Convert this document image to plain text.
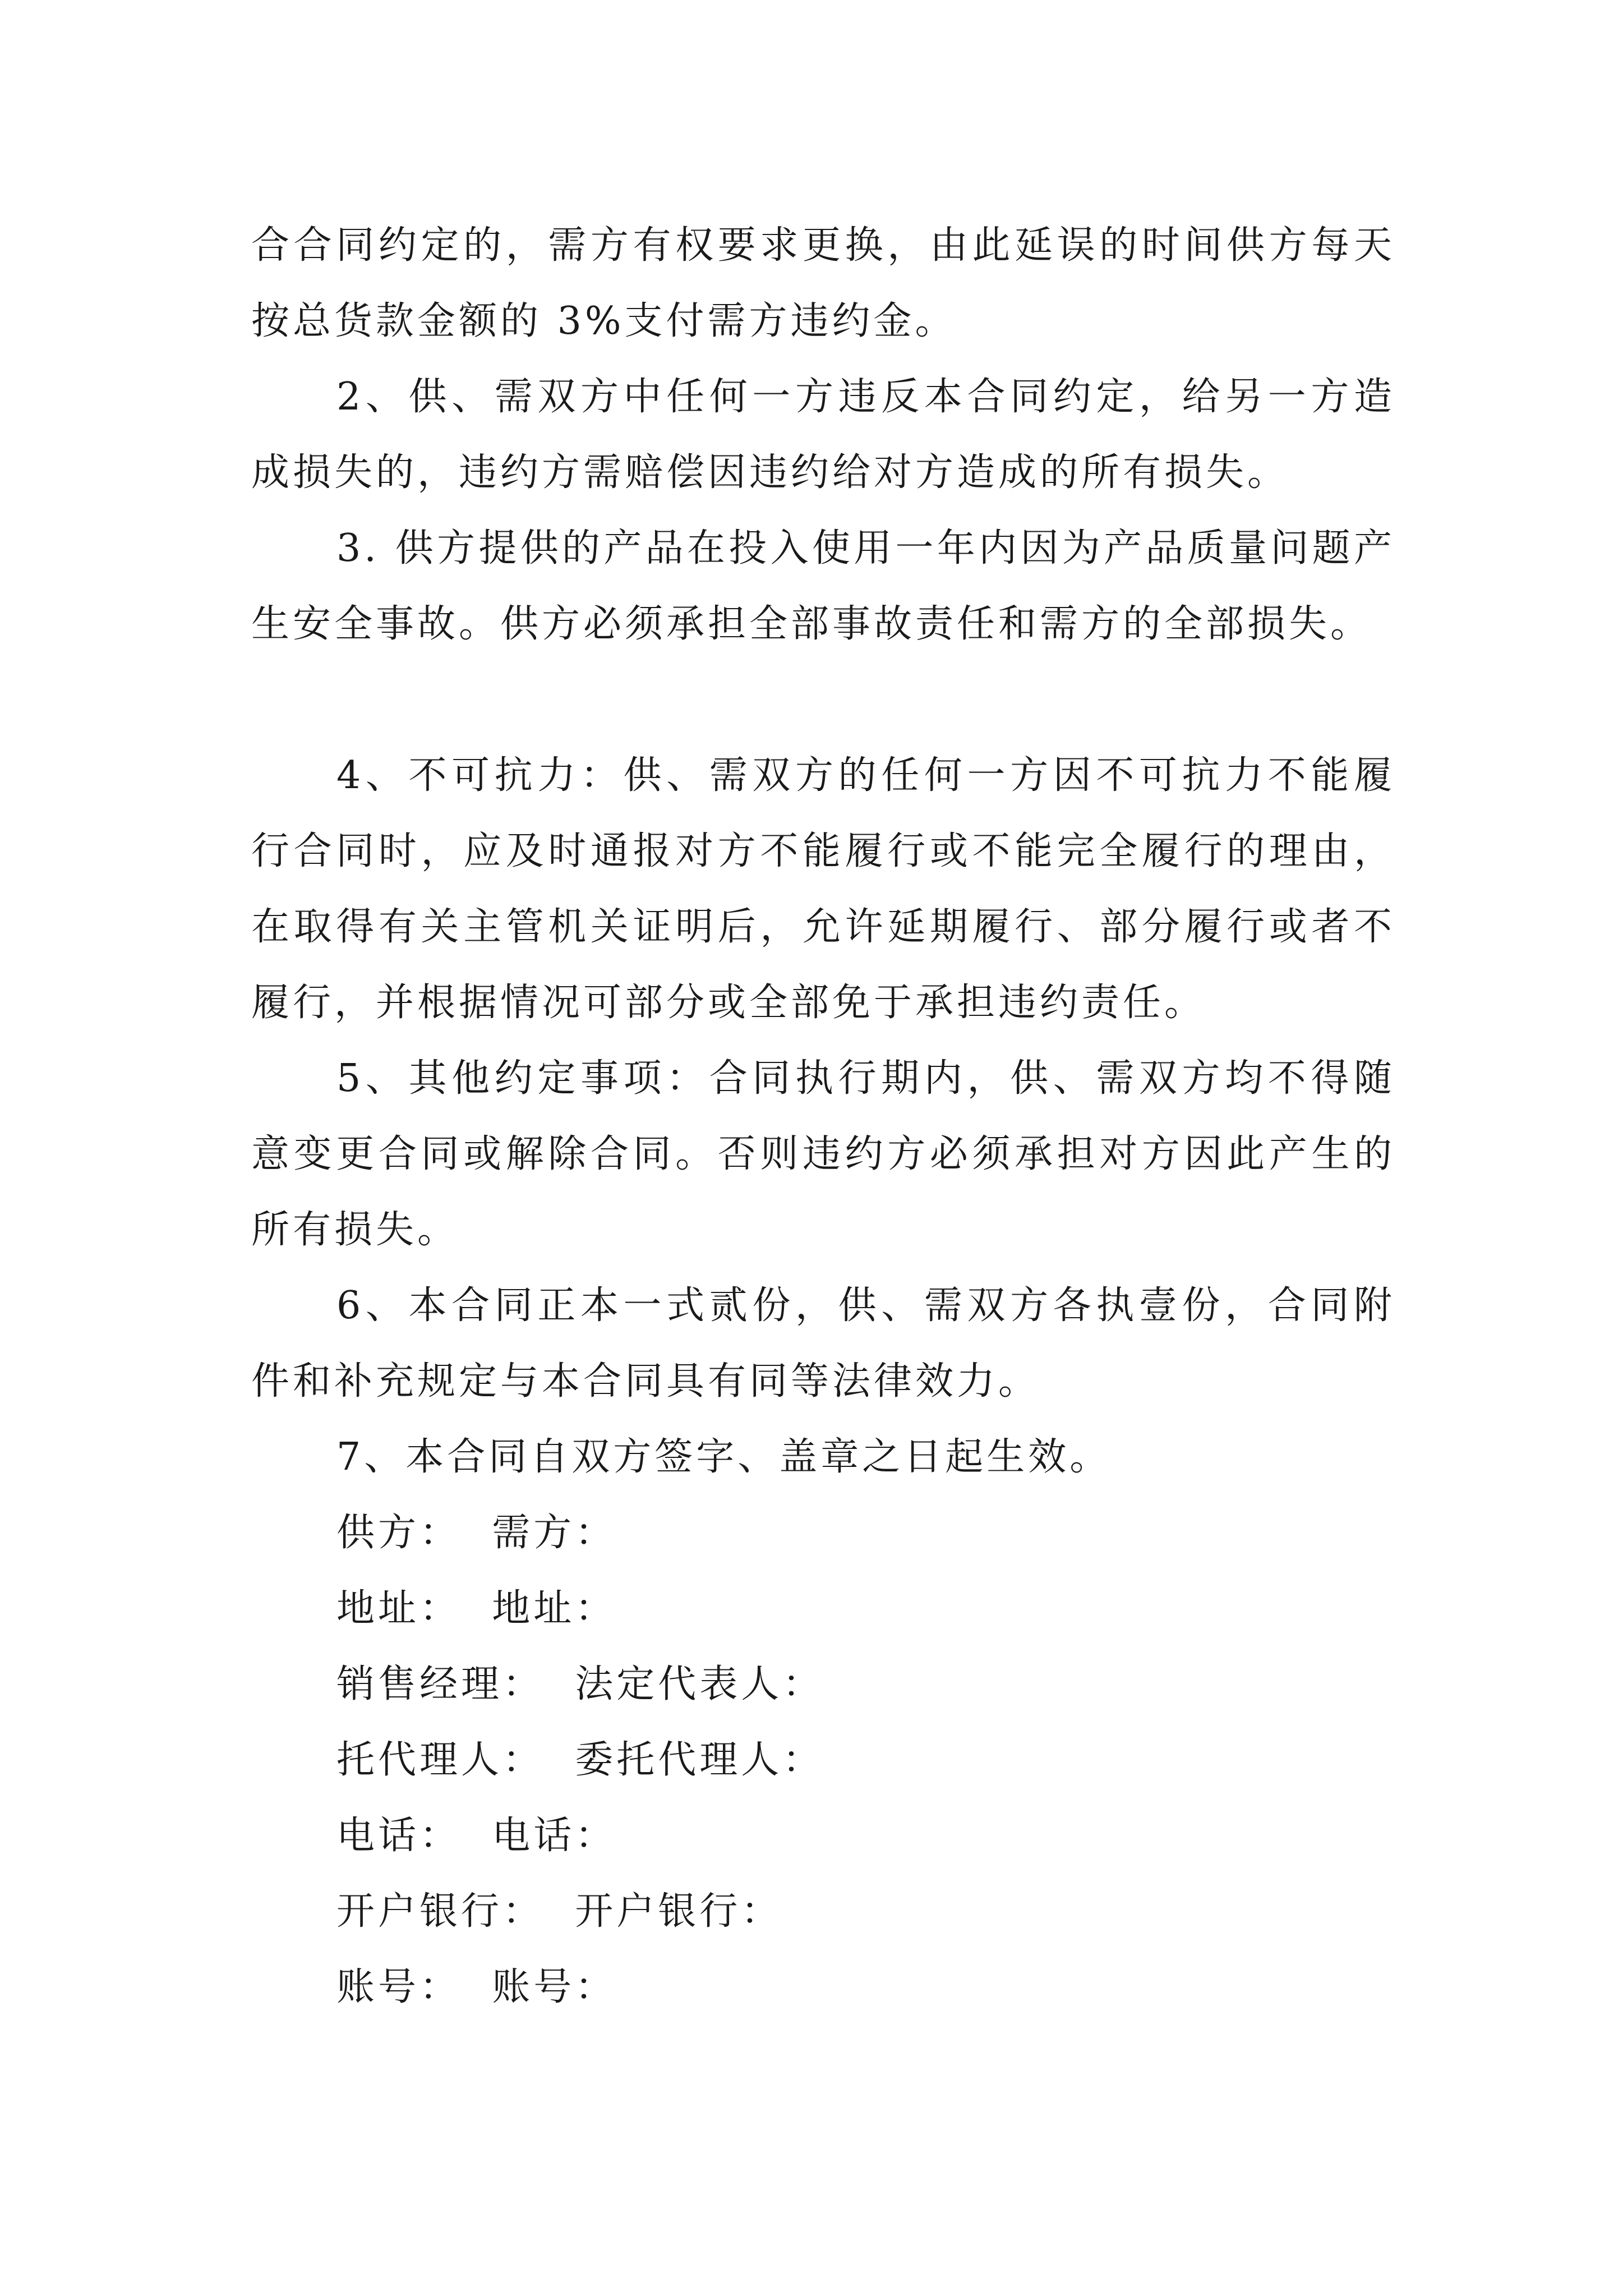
合合同约定的，需方有权要求更换，由此延误的时间供方每天按总货款金额的 3%支付需方违约金。

2、供、需双方中任何一方违反本合同约定，给另一方造成损失的，违约方需赔偿因违约给对方造成的所有损失。

3. 供方提供的产品在投入使用一年内因为产品质量问题产生安全事故。供方必须承担全部事故责任和需方的全部损失。

4、不可抗力：供、需双方的任何一方因不可抗力不能履行合同时，应及时通报对方不能履行或不能完全履行的理由，在取得有关主管机关证明后，允许延期履行、部分履行或者不履行，并根据情况可部分或全部免于承担违约责任。

5、其他约定事项：合同执行期内，供、需双方均不得随意变更合同或解除合同。否则违约方必须承担对方因此产生的所有损失。

6、本合同正本一式贰份，供、需双方各执壹份，合同附件和补充规定与本合同具有同等法律效力。

7、本合同自双方签字、盖章之日起生效。

供方：  需方：

地址：  地址：

销售经理：  法定代表人：

托代理人：  委托代理人：

电话：  电话：

开户银行：  开户银行：

账号：  账号：
